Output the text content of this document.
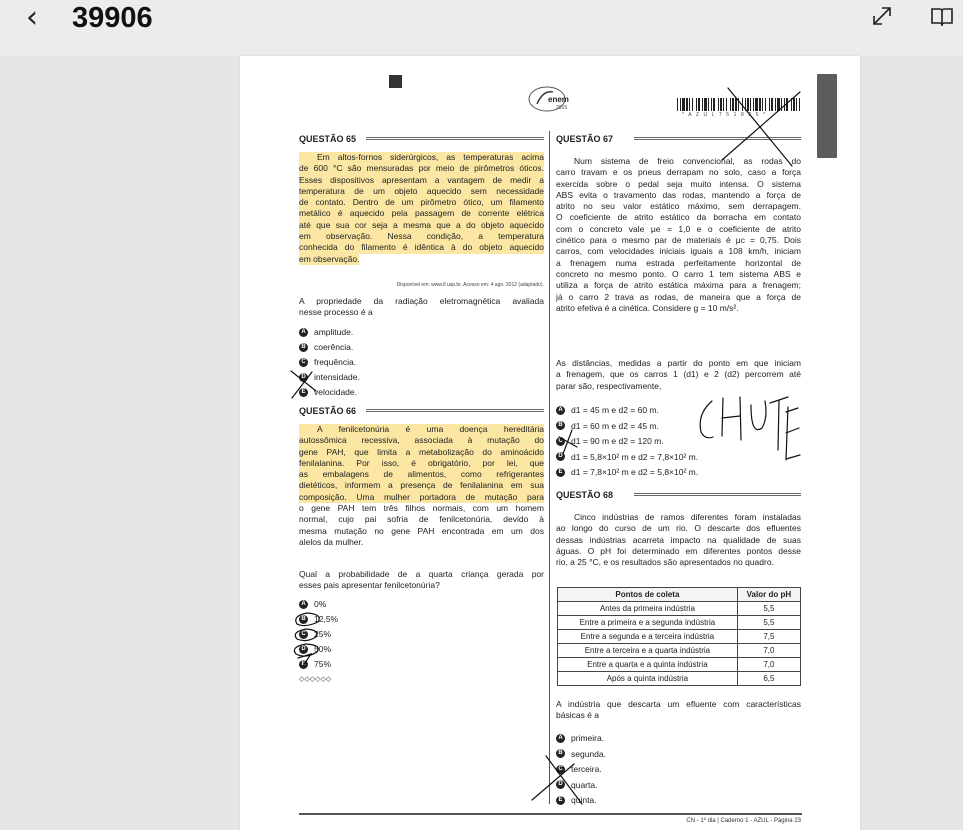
‹ 39906
enem
2015
* A Z U L 7 5 1 8 2 5 *
QUESTÃO 65
Em altos-fornos siderúrgicos, as temperaturas acima
de 600 °C são mensuradas por meio de pirômetros óticos.
Esses dispositivos apresentam a vantagem de medir a
temperatura de um objeto aquecido sem necessidade
de contato. Dentro de um pirômetro ótico, um filamento
metálico é aquecido pela passagem de corrente elétrica
até que sua cor seja a mesma que a do objeto aquecido
em observação. Nessa condição, a temperatura
conhecida do filamento é idêntica à do objeto aquecido
em observação.
Disponível em: www.if.usp.br. Acesso em: 4 ago. 2012 (adaptado).
A propriedade da radiação eletromagnética avaliada
nesse processo é a
A amplitude.
B coerência.
C frequência.
D intensidade.
E velocidade.
QUESTÃO 66
A fenilcetonúria é uma doença hereditária
autossômica recessiva, associada à mutação do
gene PAH, que limita a metabolização do aminoácido
fenilalanina. Por isso, é obrigatório, por lei, que
as embalagens de alimentos, como refrigerantes
dietéticos, informem a presença de fenilalanina em sua
composição. Uma mulher portadora de mutação para
o gene PAH tem três filhos normais, com um homem
normal, cujo pai sofria de fenilcetonúria, devido à
mesma mutação no gene PAH encontrada em um dos
alelos da mulher.
Qual a probabilidade de a quarta criança gerada por
esses pais apresentar fenilcetonúria?
A 0%
B 12,5%
C 25%
D 50%
E 75%
◇◇◇◇◇◇
QUESTÃO 67
Num sistema de freio convencional, as rodas do
carro travam e os pneus derrapam no solo, caso a força
exercida sobre o pedal seja muito intensa. O sistema
ABS evita o travamento das rodas, mantendo a força de
atrito no seu valor estático máximo, sem derrapagem.
O coeficiente de atrito estático da borracha em contato
com o concreto vale μe = 1,0 e o coeficiente de atrito
cinético para o mesmo par de materiais é μc = 0,75. Dois
carros, com velocidades iniciais iguais a 108 km/h, iniciam
a frenagem numa estrada perfeitamente horizontal de
concreto no mesmo ponto. O carro 1 tem sistema ABS e
utiliza a força de atrito estática máxima para a frenagem;
já o carro 2 trava as rodas, de maneira que a força de
atrito efetiva é a cinética. Considere g = 10 m/s².
As distâncias, medidas a partir do ponto em que iniciam
a frenagem, que os carros 1 (d1) e 2 (d2) percorrem até
parar são, respectivamente,
A d1 = 45 m e d2 = 60 m.
B d1 = 60 m e d2 = 45 m.
C d1 = 90 m e d2 = 120 m.
D d1 = 5,8×10² m e d2 = 7,8×10² m.
E d1 = 7,8×10² m e d2 = 5,8×10² m.
QUESTÃO 68
Cinco indústrias de ramos diferentes foram instaladas
ao longo do curso de um rio. O descarte dos efluentes
dessas indústrias acarreta impacto na qualidade de suas
águas. O pH foi determinado em diferentes pontos desse
rio, a 25 °C, e os resultados são apresentados no quadro.
Pontos de coleta	Valor do pH
Antes da primeira indústria	5,5
Entre a primeira e a segunda indústria	5,5
Entre a segunda e a terceira indústria	7,5
Entre a terceira e a quarta indústria	7,0
Entre a quarta e a quinta indústria	7,0
Após a quinta indústria	6,5
A indústria que descarta um efluente com características
básicas é a
A primeira.
B segunda.
C terceira.
D quarta.
E quinta.
CN - 1º dia | Caderno 1 - AZUL - Página 23
